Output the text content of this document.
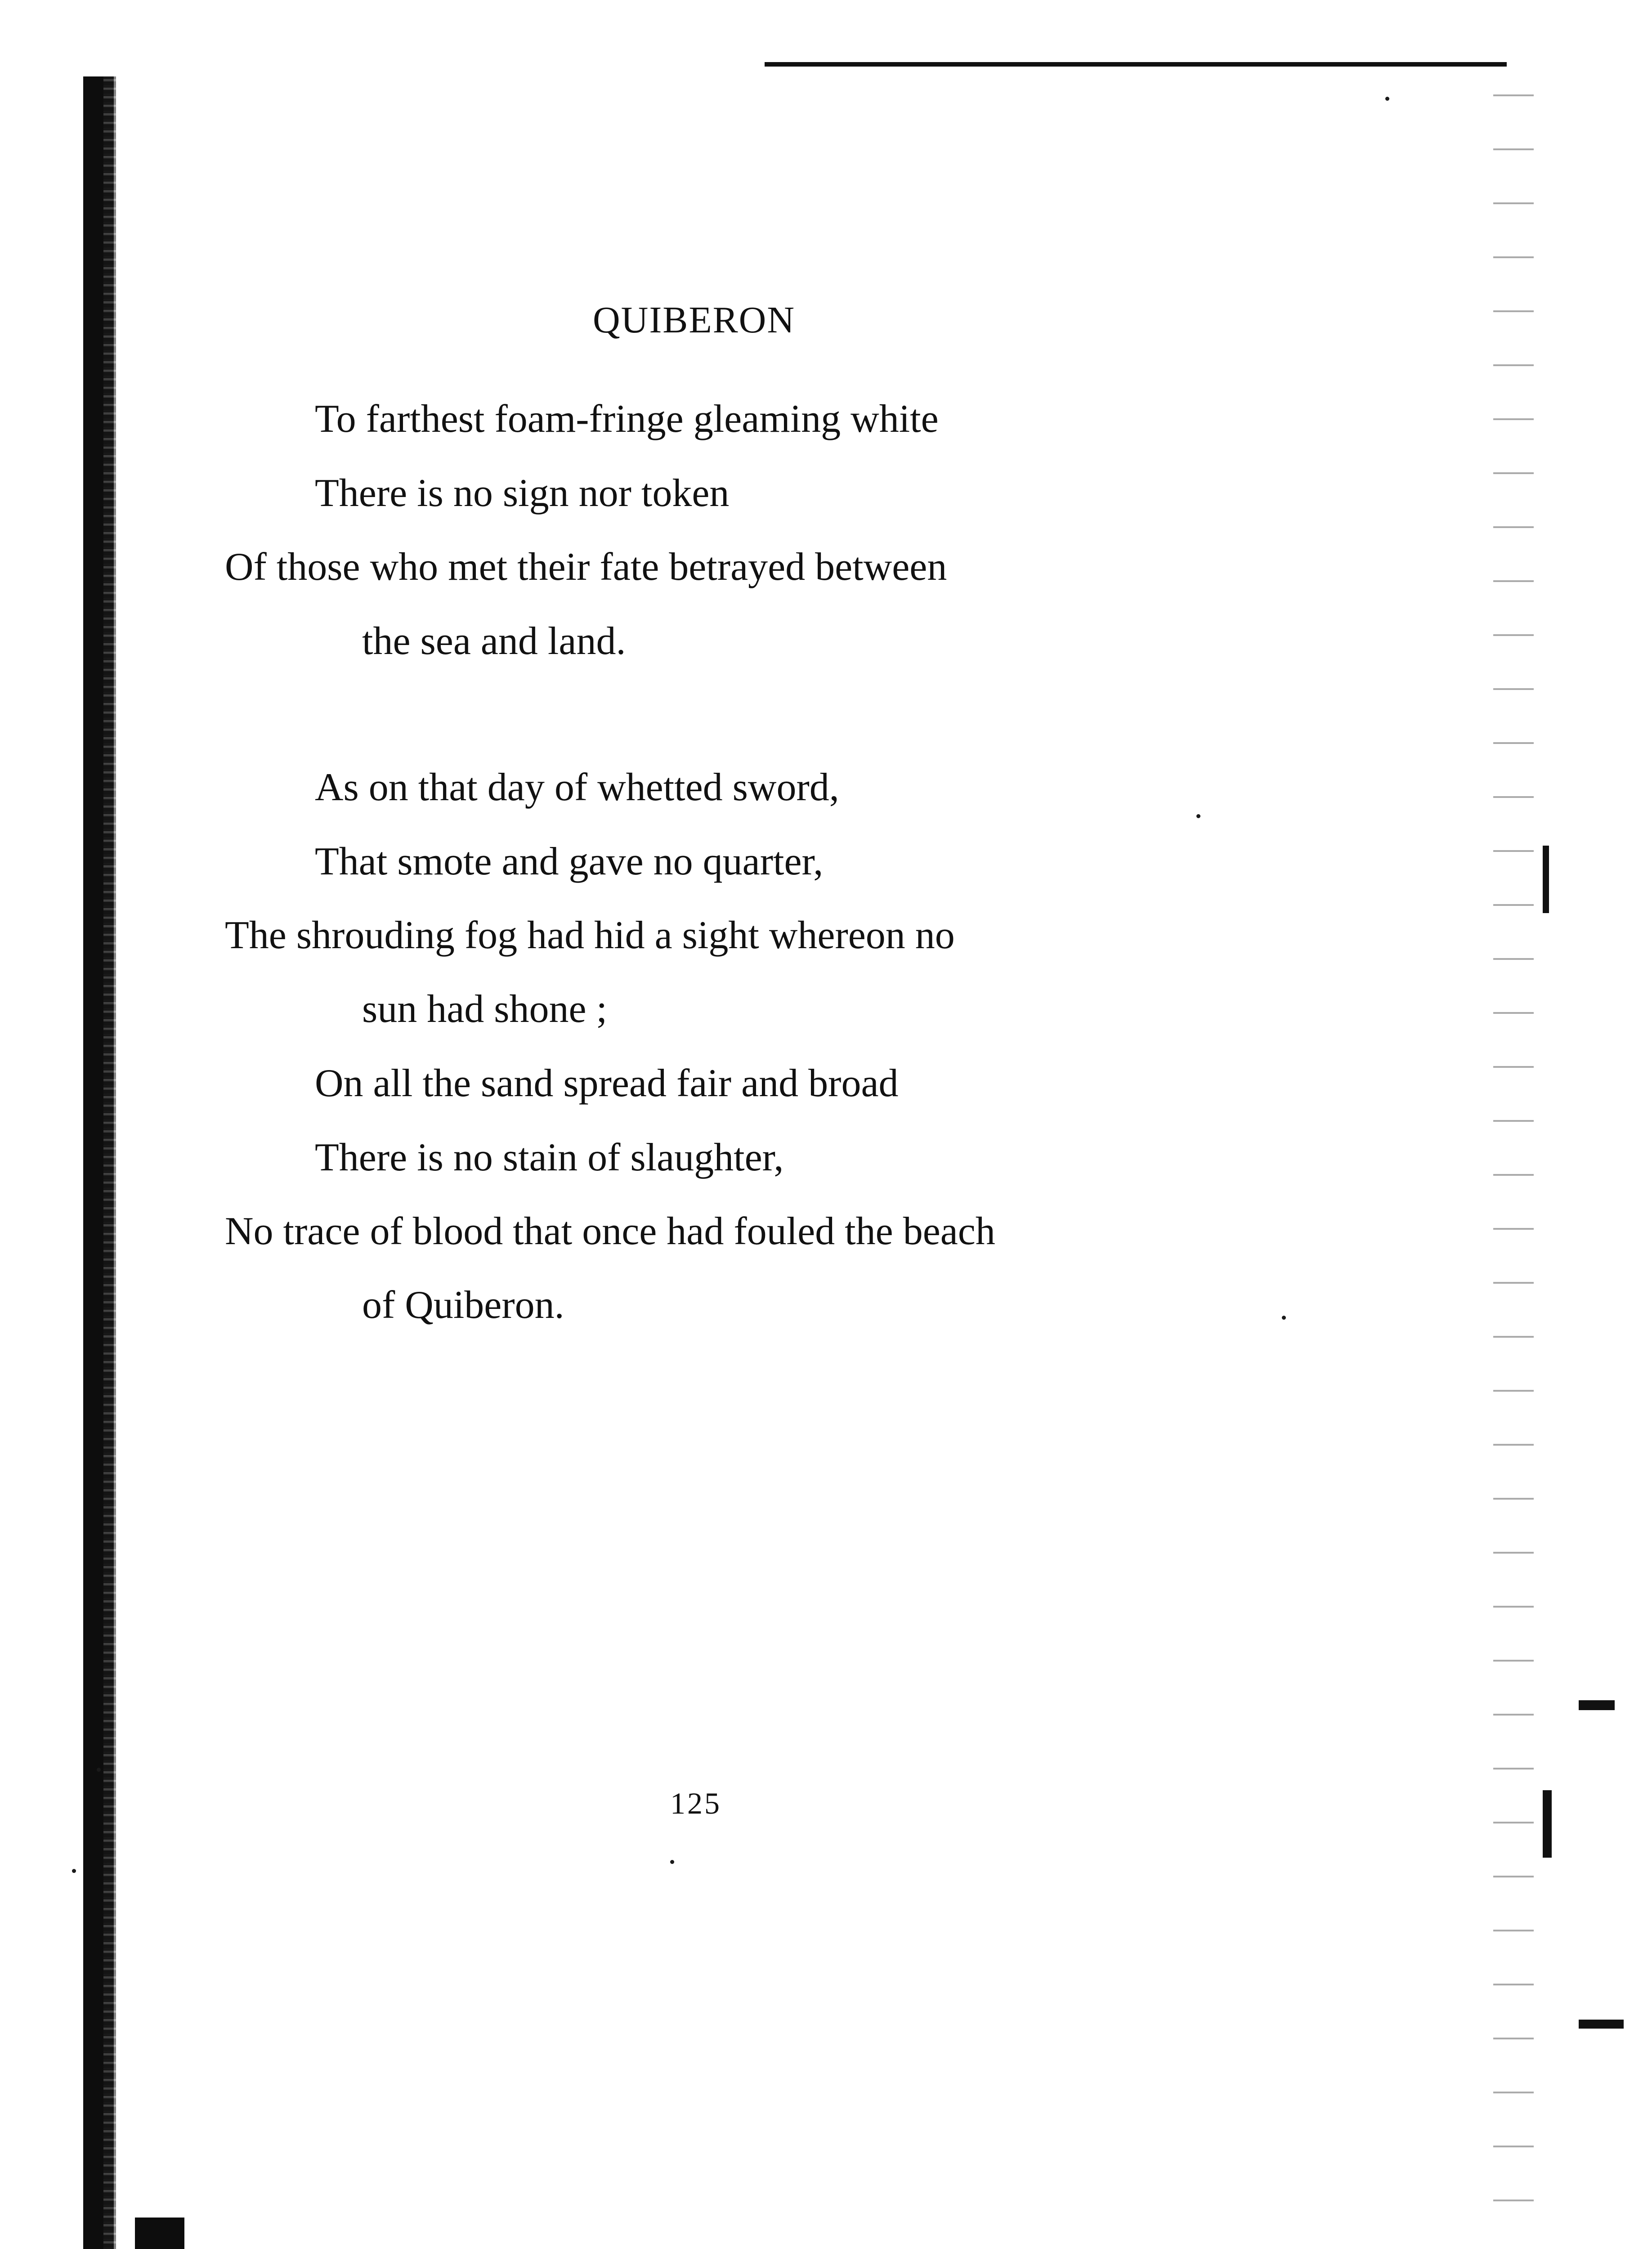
QUIBERON
To farthest foam-fringe gleaming white
There is no sign nor token
Of those who met their fate betrayed between
the sea and land.
As on that day of whetted sword,
That smote and gave no quarter,
The shrouding fog had hid a sight whereon no
sun had shone ;
On all the sand spread fair and broad
There is no stain of slaughter,
No trace of blood that once had fouled the beach
of Quiberon.
125
